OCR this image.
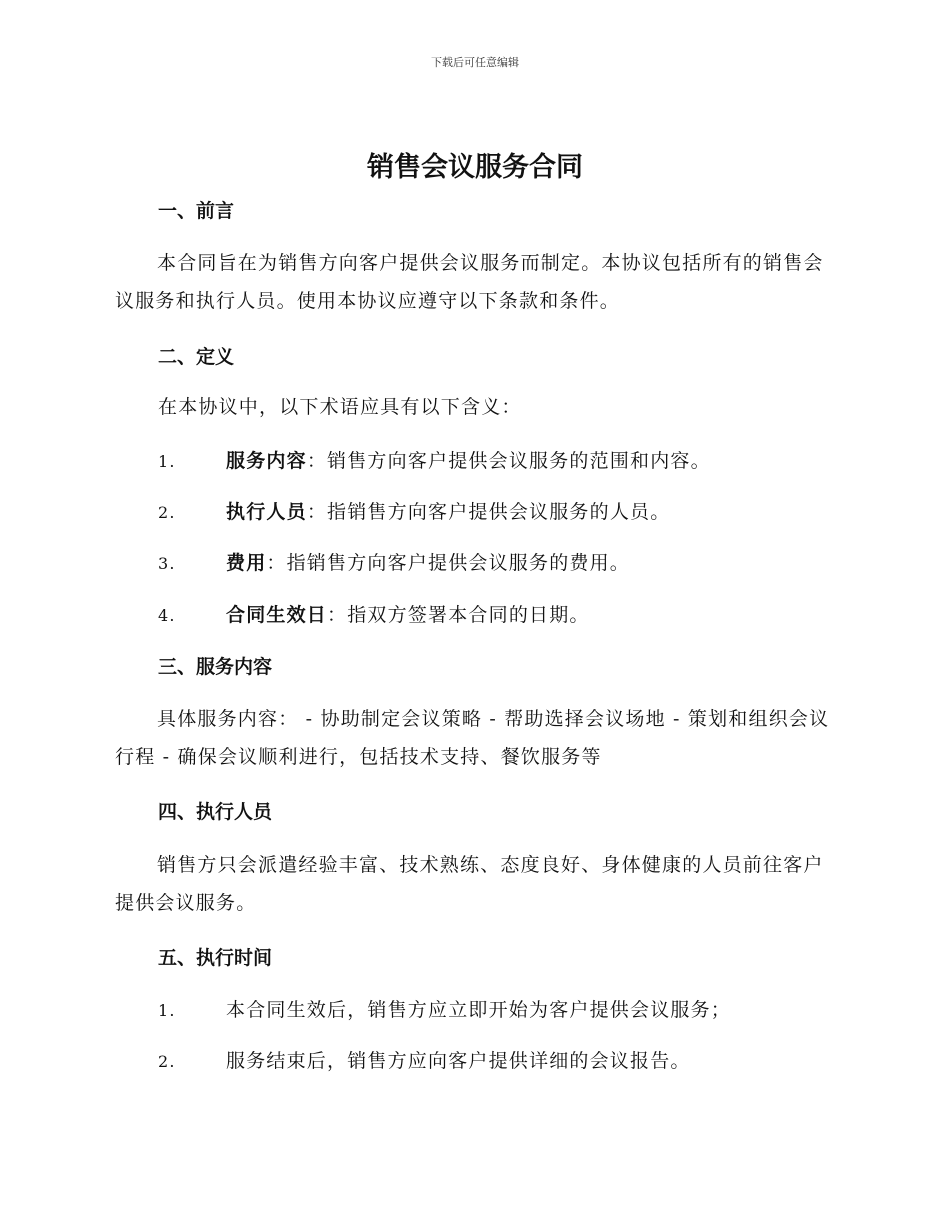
下载后可任意编辑
销售会议服务合同
一、前言

本合同旨在为销售方向客户提供会议服务而制定。本协议包括所有的销售会议服务和执行人员。使用本协议应遵守以下条款和条件。

二、定义

在本协议中，以下术语应具有以下含义：

1.	服务内容：销售方向客户提供会议服务的范围和内容。
2.	执行人员：指销售方向客户提供会议服务的人员。
3.	费用：指销售方向客户提供会议服务的费用。
4.	合同生效日：指双方签署本合同的日期。
三、服务内容

具体服务内容： - 协助制定会议策略 - 帮助选择会议场地 - 策划和组织会议行程 - 确保会议顺利进行，包括技术支持、餐饮服务等

四、执行人员

销售方只会派遣经验丰富、技术熟练、态度良好、身体健康的人员前往客户提供会议服务。

五、执行时间
1.	本合同生效后，销售方应立即开始为客户提供会议服务；
2.	服务结束后，销售方应向客户提供详细的会议报告。
